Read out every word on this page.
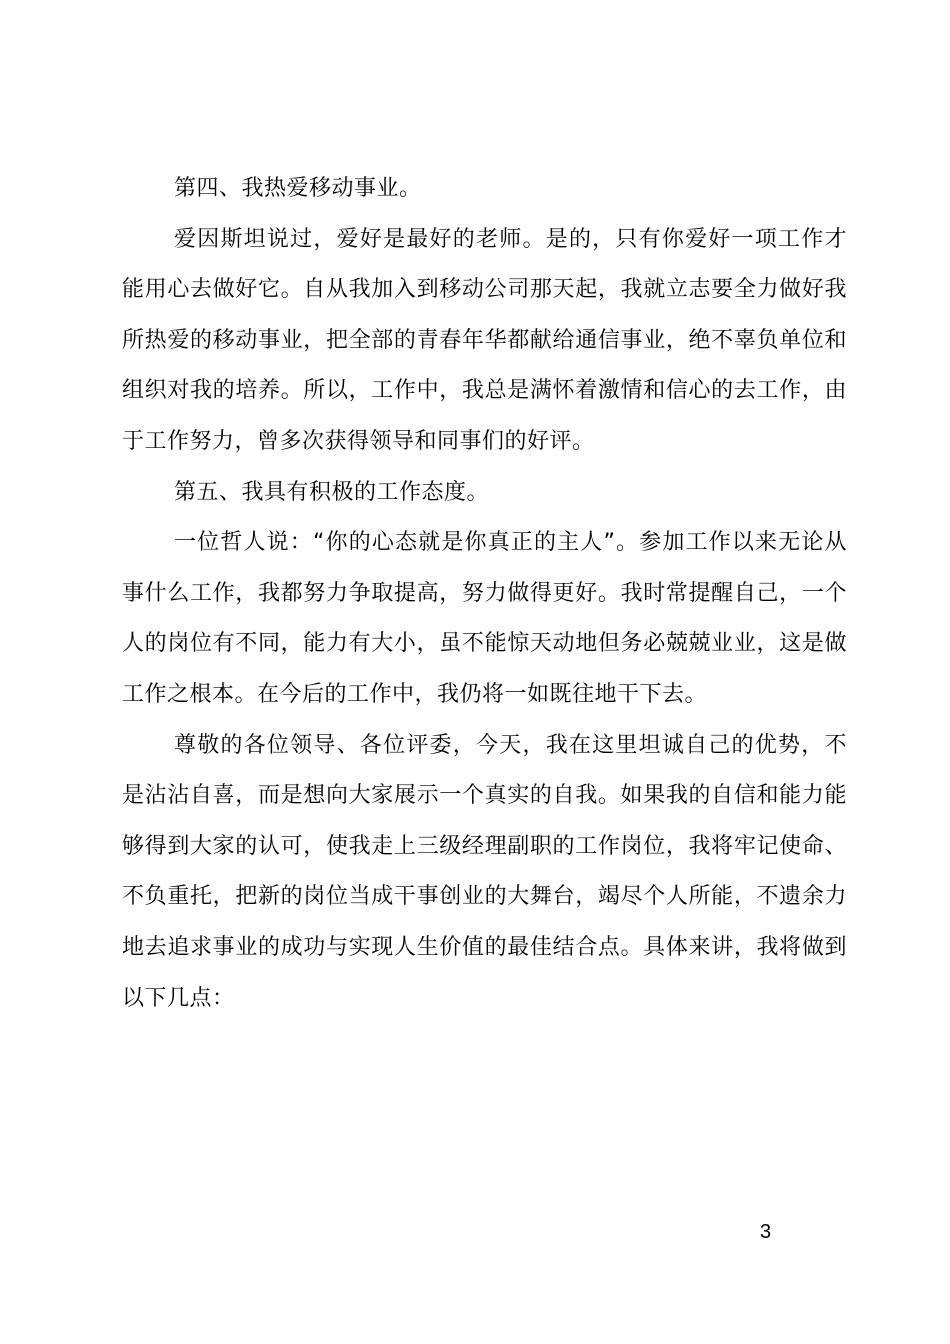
第四、我热爱移动事业。

爱因斯坦说过，爱好是最好的老师。是的，只有你爱好一项工作才能用心去做好它。自从我加入到移动公司那天起，我就立志要全力做好我所热爱的移动事业，把全部的青春年华都献给通信事业，绝不辜负单位和组织对我的培养。所以，工作中，我总是满怀着激情和信心的去工作，由于工作努力，曾多次获得领导和同事们的好评。

第五、我具有积极的工作态度。

一位哲人说：“你的心态就是你真正的主人”。参加工作以来无论从事什么工作，我都努力争取提高，努力做得更好。我时常提醒自己，一个人的岗位有不同，能力有大小，虽不能惊天动地但务必兢兢业业，这是做工作之根本。在今后的工作中，我仍将一如既往地干下去。

尊敬的各位领导、各位评委，今天，我在这里坦诚自己的优势，不是沾沾自喜，而是想向大家展示一个真实的自我。如果我的自信和能力能够得到大家的认可，使我走上三级经理副职的工作岗位，我将牢记使命、不负重托，把新的岗位当成干事创业的大舞台，竭尽个人所能，不遗余力地去追求事业的成功与实现人生价值的最佳结合点。具体来讲，我将做到以下几点：

3
